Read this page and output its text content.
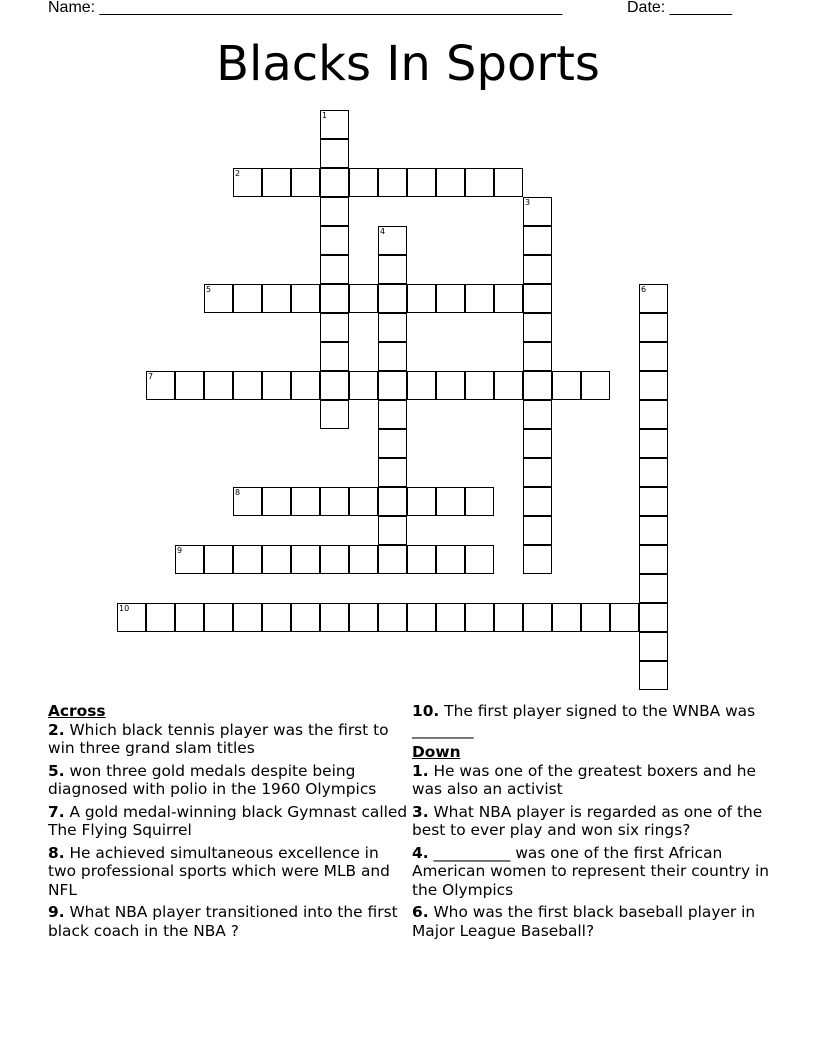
Name: ____________________________________________________	Date: _______
Blacks In Sports
1
2
3
4
5	6
7
8
9
10
Across
2. Which black tennis player was the first to win three grand slam titles
5. won three gold medals despite being diagnosed with polio in the 1960 Olympics
7. A gold medal-winning black Gymnast called The Flying Squirrel
8. He achieved simultaneous excellence in two professional sports which were MLB and NFL
9. What NBA player transitioned into the first black coach in the NBA ?
10. The first player signed to the WNBA was ________
Down
1. He was one of the greatest boxers and he was also an activist
3. What NBA player is regarded as one of the best to ever play and won six rings?
4. __________ was one of the first African American women to represent their country in the Olympics
6. Who was the first black baseball player in Major League Baseball?
